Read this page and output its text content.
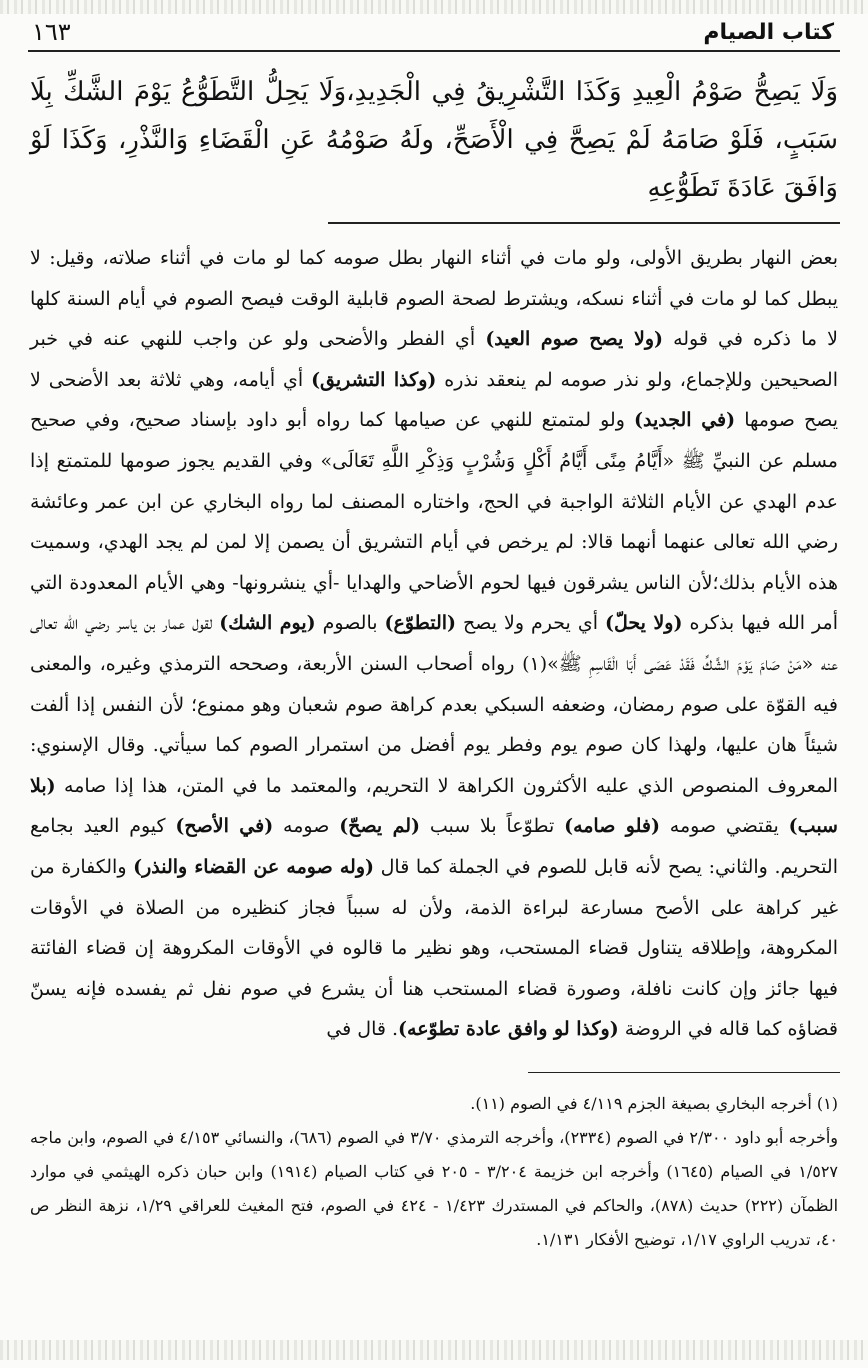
كتاب الصيام
١٦٣
وَلَا يَصِحُّ صَوْمُ الْعِيدِ وَكَذَا التَّشْرِيقُ فِي الْجَدِيدِ،وَلَا يَحِلُّ التَّطَوُّعُ يَوْمَ الشَّكِّ بِلَا سَبَبٍ، فَلَوْ صَامَهُ لَمْ يَصِحَّ فِي الْأَصَحِّ، ولَهُ صَوْمُهُ عَنِ الْقَضَاءِ وَالنَّذْرِ، وَكَذَا لَوْ وَافَقَ عَادَةَ تَطَوُّعِهِ
بعض النهار بطريق الأولى، ولو مات في أثناء النهار بطل صومه كما لو مات في أثناء صلاته، وقيل: لا يبطل كما لو مات في أثناء نسكه، ويشترط لصحة الصوم قابلية الوقت فيصح الصوم في أيام السنة كلها لا ما ذكره في قوله (ولا يصح صوم العيد) أي الفطر والأضحى ولو عن واجب للنهي عنه في خبر الصحيحين وللإجماع، ولو نذر صومه لم ينعقد نذره (وكذا التشريق) أي أيامه، وهي ثلاثة بعد الأضحى لا يصح صومها (في الجديد) ولو لمتمتع للنهي عن صيامها كما رواه أبو داود بإسناد صحيح، وفي صحيح مسلم عن النبيِّ ﷺ «أَيَّامُ مِنًى أَيَّامُ أَكْلٍ وَشُرْبٍ وَذِكْرِ اللَّهِ تَعَالَى» وفي القديم يجوز صومها للمتمتع إذا عدم الهدي عن الأيام الثلاثة الواجبة في الحج، واختاره المصنف لما رواه البخاري عن ابن عمر وعائشة رضي الله تعالى عنهما أنهما قالا: لم يرخص في أيام التشريق أن يصمن إلا لمن لم يجد الهدي، وسميت هذه الأيام بذلك؛لأن الناس يشرقون فيها لحوم الأضاحي والهدايا -أي ينشرونها- وهي الأيام المعدودة التي أمر الله فيها بذكره (ولا يحلّ) أي يحرم ولا يصح (التطوّع) بالصوم (يوم الشك) لقول عمار بن ياسر رضي الله تعالى عنه «مَنْ صَامَ يَوْمَ الشَّكِّ فَقَدْ عَصَى أَبَا الْقَاسِمِ ﷺ»(١) رواه أصحاب السنن الأربعة، وصححه الترمذي وغيره، والمعنى فيه القوّة على صوم رمضان، وضعفه السبكي بعدم كراهة صوم شعبان وهو ممنوع؛ لأن النفس إذا ألفت شيئاً هان عليها، ولهذا كان صوم يوم وفطر يوم أفضل من استمرار الصوم كما سيأتي. وقال الإسنوي: المعروف المنصوص الذي عليه الأكثرون الكراهة لا التحريم، والمعتمد ما في المتن، هذا إذا صامه (بلا سبب) يقتضي صومه (فلو صامه) تطوّعاً بلا سبب (لم يصحّ) صومه (في الأصح) كيوم العيد بجامع التحريم. والثاني: يصح لأنه قابل للصوم في الجملة كما قال (وله صومه عن القضاء والنذر) والكفارة من غير كراهة على الأصح مسارعة لبراءة الذمة، ولأن له سبباً فجاز كنظيره من الصلاة في الأوقات المكروهة، وإطلاقه يتناول قضاء المستحب، وهو نظير ما قالوه في الأوقات المكروهة إن قضاء الفائتة فيها جائز وإن كانت نافلة، وصورة قضاء المستحب هنا أن يشرع في صوم نفل ثم يفسده فإنه يسنّ قضاؤه كما قاله في الروضة (وكذا لو وافق عادة تطوّعه). قال في

(١) أخرجه البخاري بصيغة الجزم ٤/١١٩ في الصوم (١١).

وأخرجه أبو داود ٢/٣٠٠ في الصوم (٢٣٣٤)، وأخرجه الترمذي ٣/٧٠ في الصوم (٦٨٦)، والنسائي ٤/١٥٣ في الصوم، وابن ماجه ١/٥٢٧ في الصيام (١٦٤٥) وأخرجه ابن خزيمة ٣/٢٠٤ - ٢٠٥ في كتاب الصيام (١٩١٤) وابن حبان ذكره الهيثمي في موارد الظمآن (٢٢٢) حديث (٨٧٨)، والحاكم في المستدرك ١/٤٢٣ - ٤٢٤ في الصوم، فتح المغيث للعراقي ١/٢٩، نزهة النظر ص ٤٠، تدريب الراوي ١/١٧، توضيح الأفكار ١/١٣١.
